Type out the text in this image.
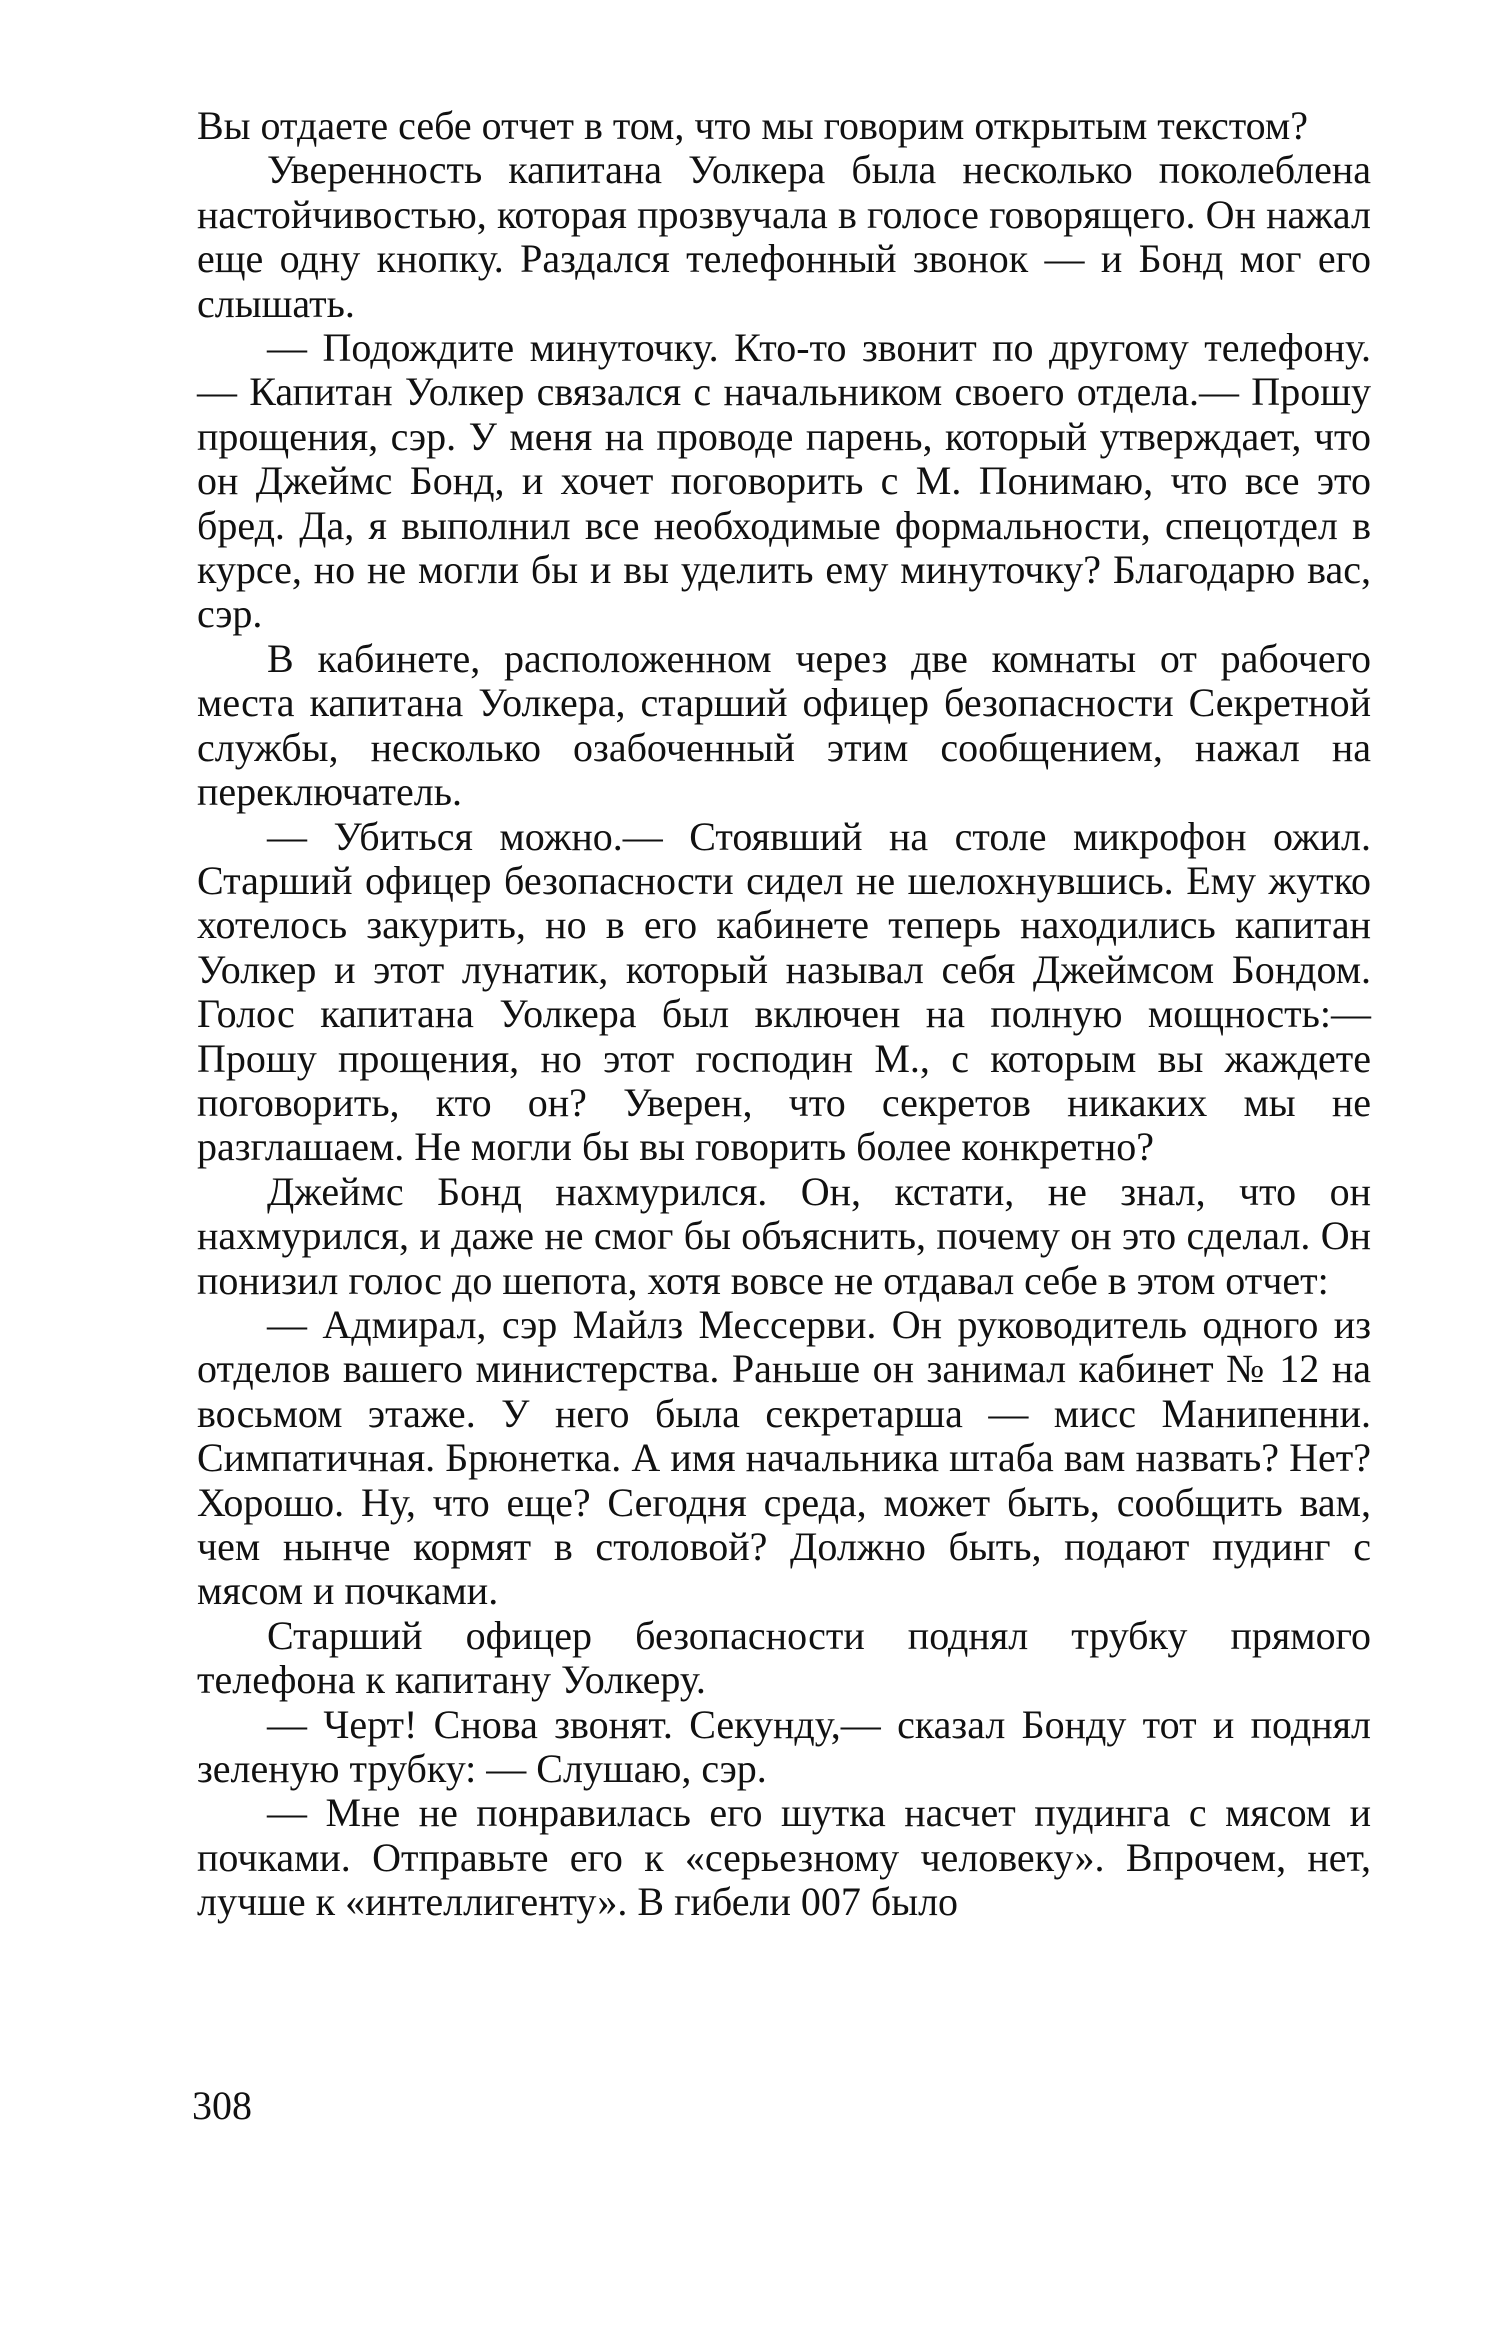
Вы отдаете себе отчет в том, что мы говорим открытым текстом?

Уверенность капитана Уолкера была несколько поколеблена настойчивостью, которая прозвучала в голосе говорящего. Он нажал еще одну кнопку. Раздался телефонный звонок — и Бонд мог его слышать.

— Подождите минуточку. Кто-то звонит по другому телефону.— Капитан Уолкер связался с начальником своего отдела.— Прошу прощения, сэр. У меня на проводе парень, который утверждает, что он Джеймс Бонд, и хочет поговорить с М. Понимаю, что все это бред. Да, я выполнил все необходимые формальности, спецотдел в курсе, но не могли бы и вы уделить ему минуточку? Благодарю вас, сэр.

В кабинете, расположенном через две комнаты от рабочего места капитана Уолкера, старший офицер безопасности Секретной службы, несколько озабоченный этим сообщением, нажал на переключатель.

— Убиться можно.— Стоявший на столе микрофон ожил. Старший офицер безопасности сидел не шелохнувшись. Ему жутко хотелось закурить, но в его кабинете теперь находились капитан Уолкер и этот лунатик, который называл себя Джеймсом Бондом. Голос капитана Уолкера был включен на полную мощность:— Прошу прощения, но этот господин М., с которым вы жаждете поговорить, кто он? Уверен, что секретов никаких мы не разглашаем. Не могли бы вы говорить более конкретно?

Джеймс Бонд нахмурился. Он, кстати, не знал, что он нахмурился, и даже не смог бы объяснить, почему он это сделал. Он понизил голос до шепота, хотя вовсе не отдавал себе в этом отчет:

— Адмирал, сэр Майлз Мессерви. Он руководитель одного из отделов вашего министерства. Раньше он занимал кабинет № 12 на восьмом этаже. У него была секретарша — мисс Манипенни. Симпатичная. Брюнетка. А имя начальника штаба вам назвать? Нет? Хорошо. Ну, что еще? Сегодня среда, может быть, сообщить вам, чем нынче кормят в столовой? Должно быть, подают пудинг с мясом и почками.

Старший офицер безопасности поднял трубку прямого телефона к капитану Уолкеру.

— Черт! Снова звонят. Секунду,— сказал Бонду тот и поднял зеленую трубку: — Слушаю, сэр.

— Мне не понравилась его шутка насчет пудинга с мясом и почками. Отправьте его к «серьезному человеку». Впрочем, нет, лучше к «интеллигенту». В гибели 007 было

308
